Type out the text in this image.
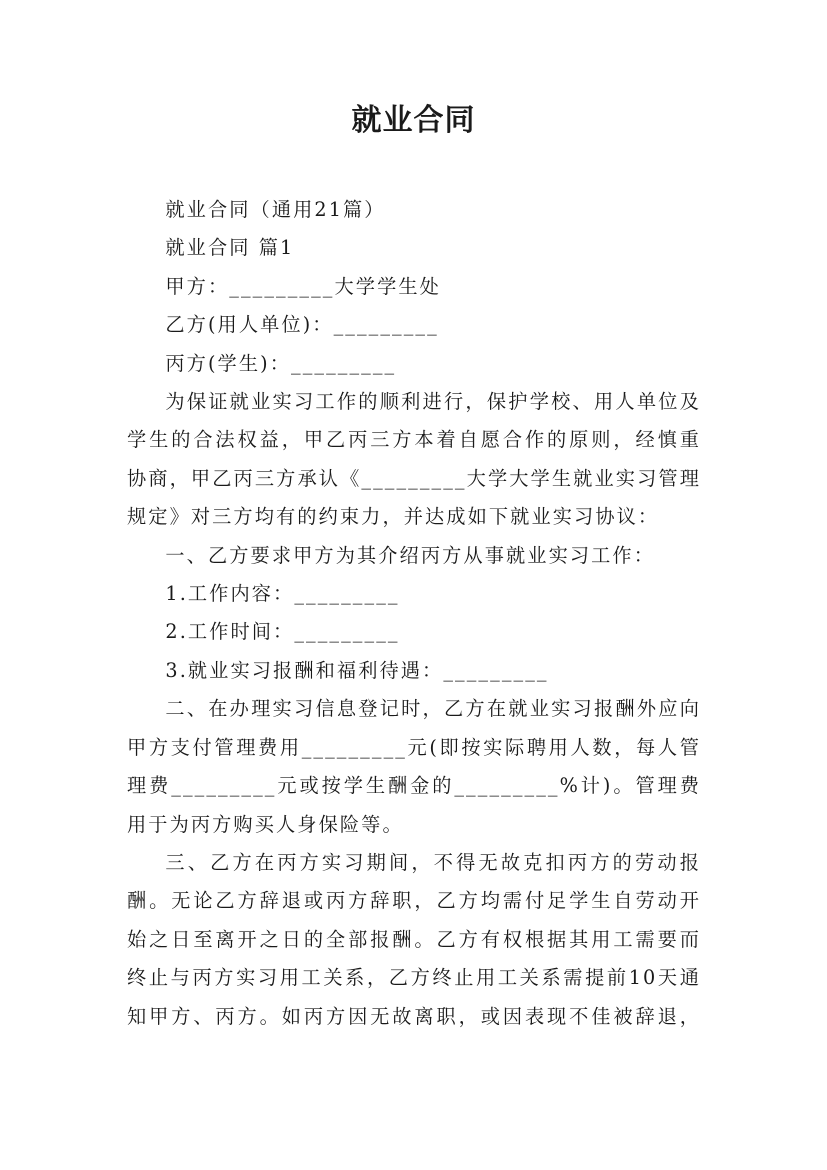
就业合同

就业合同（通用21篇）

就业合同 篇1

甲方：_________大学学生处

乙方(用人单位)：_________

丙方(学生)：_________

为保证就业实习工作的顺利进行，保护学校、用人单位及学生的合法权益，甲乙丙三方本着自愿合作的原则，经慎重协商，甲乙丙三方承认《_________大学大学生就业实习管理规定》对三方均有的约束力，并达成如下就业实习协议：

一、乙方要求甲方为其介绍丙方从事就业实习工作：

1.工作内容：_________

2.工作时间：_________

3.就业实习报酬和福利待遇：_________

二、在办理实习信息登记时，乙方在就业实习报酬外应向甲方支付管理费用_________元(即按实际聘用人数，每人管理费_________元或按学生酬金的_________%计)。管理费用于为丙方购买人身保险等。

三、乙方在丙方实习期间，不得无故克扣丙方的劳动报酬。无论乙方辞退或丙方辞职，乙方均需付足学生自劳动开始之日至离开之日的全部报酬。乙方有权根据其用工需要而终止与丙方实习用工关系，乙方终止用工关系需提前10天通知甲方、丙方。如丙方因无故离职，或因表现不佳被辞退，
